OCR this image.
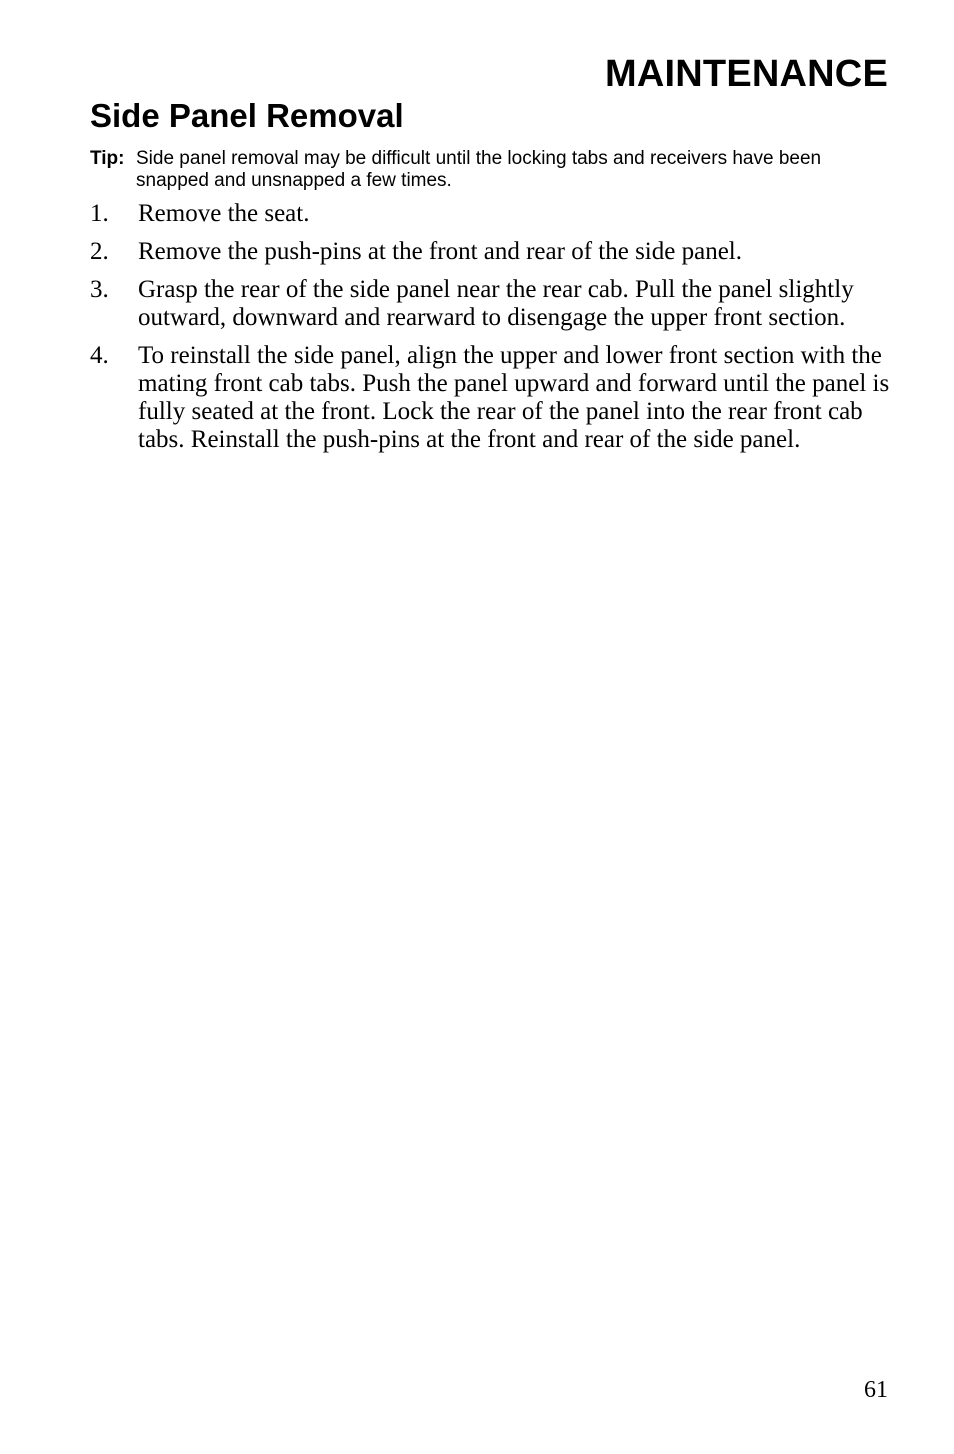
MAINTENANCE
Side Panel Removal
Tip: Side panel removal may be difficult until the locking tabs and receivers have been snapped and unsnapped a few times.
1. Remove the seat.
2. Remove the push-pins at the front and rear of the side panel.
3. Grasp the rear of the side panel near the rear cab. Pull the panel slightly outward, downward and rearward to disengage the upper front section.
4. To reinstall the side panel, align the upper and lower front section with the mating front cab tabs. Push the panel upward and forward until the panel is fully seated at the front. Lock the rear of the panel into the rear front cab tabs. Reinstall the push-pins at the front and rear of the side panel.
61
